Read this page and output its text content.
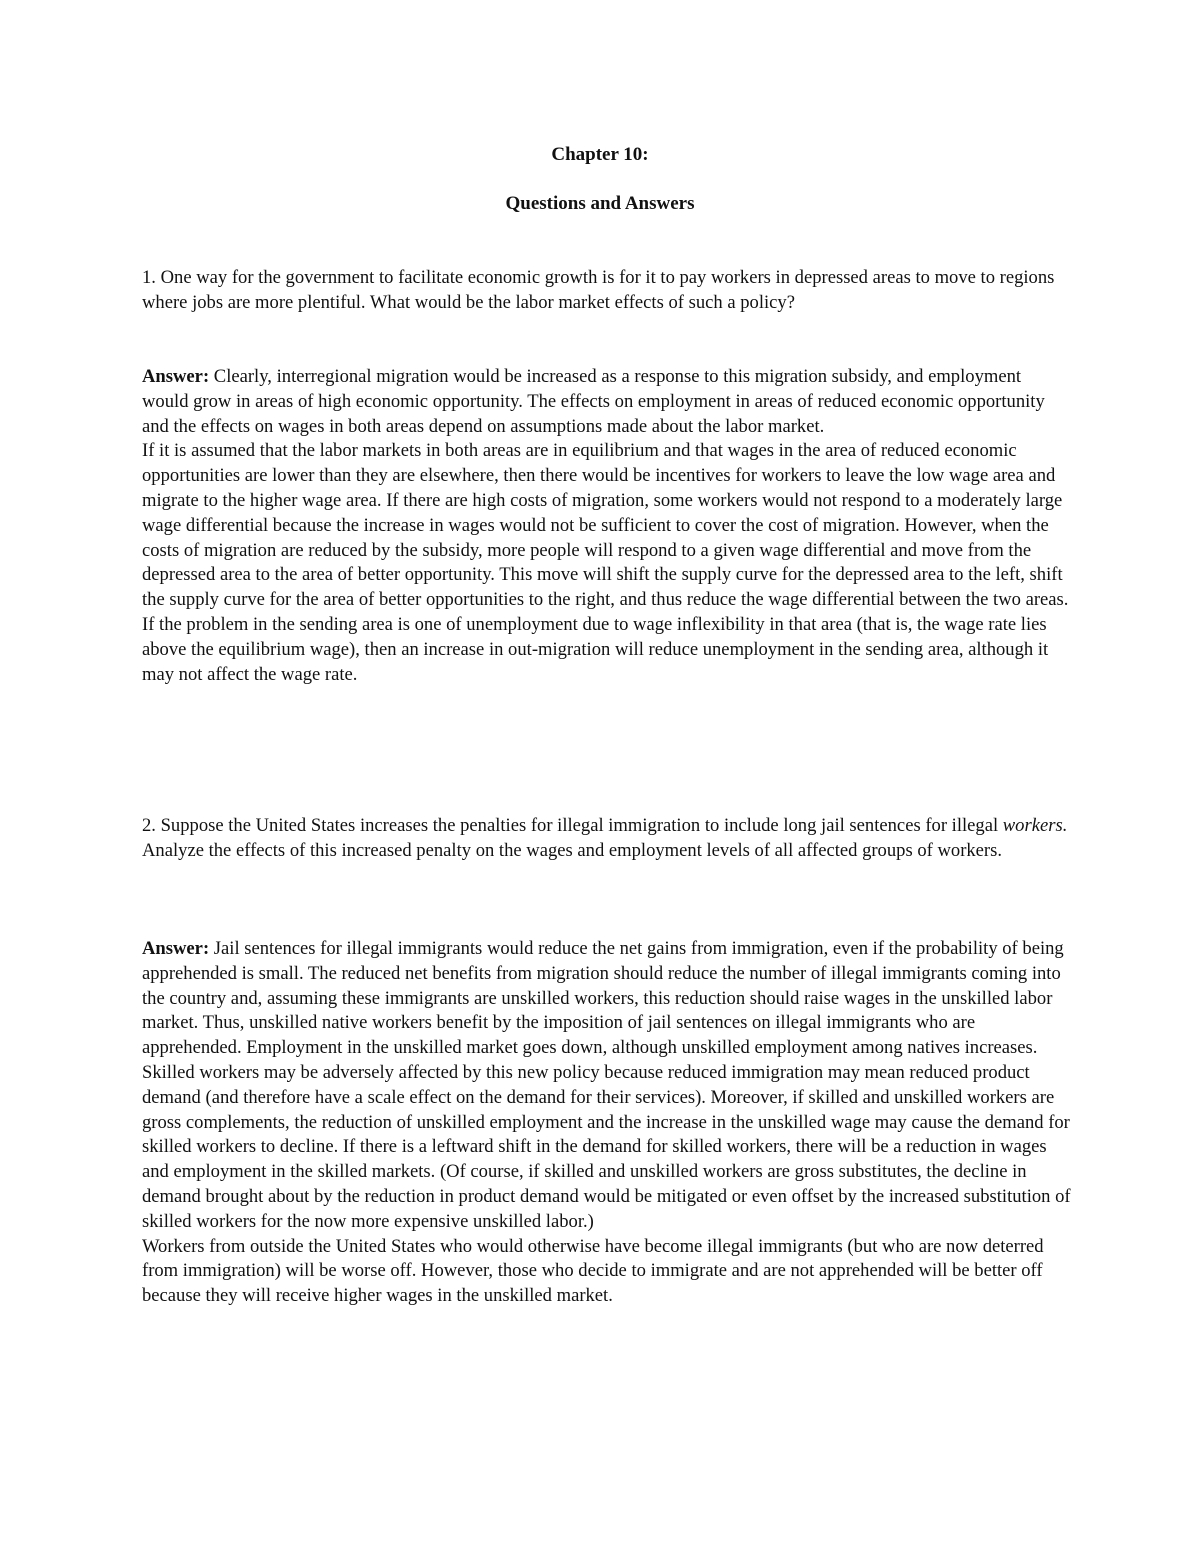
Chapter 10:
Questions and Answers

1. One way for the government to facilitate economic growth is for it to pay workers in depressed areas to move to regions where jobs are more plentiful. What would be the labor market effects of such a policy?

Answer: Clearly, interregional migration would be increased as a response to this migration subsidy, and employment would grow in areas of high economic opportunity. The effects on employment in areas of reduced economic opportunity and the effects on wages in both areas depend on assumptions made about the labor market.

If it is assumed that the labor markets in both areas are in equilibrium and that wages in the area of reduced economic opportunities are lower than they are elsewhere, then there would be incentives for workers to leave the low wage area and migrate to the higher wage area. If there are high costs of migration, some workers would not respond to a moderately large wage differential because the increase in wages would not be sufficient to cover the cost of migration. However, when the costs of migration are reduced by the subsidy, more people will respond to a given wage differential and move from the depressed area to the area of better opportunity. This move will shift the supply curve for the depressed area to the left, shift the supply curve for the area of better opportunities to the right, and thus reduce the wage differential between the two areas.

If the problem in the sending area is one of unemployment due to wage inflexibility in that area (that is, the wage rate lies above the equilibrium wage), then an increase in out-migration will reduce unemployment in the sending area, although it may not affect the wage rate.

2. Suppose the United States increases the penalties for illegal immigration to include long jail sentences for illegal workers. Analyze the effects of this increased penalty on the wages and employment levels of all affected groups of workers.

Answer: Jail sentences for illegal immigrants would reduce the net gains from immigration, even if the probability of being apprehended is small. The reduced net benefits from migration should reduce the number of illegal immigrants coming into the country and, assuming these immigrants are unskilled workers, this reduction should raise wages in the unskilled labor market. Thus, unskilled native workers benefit by the imposition of jail sentences on illegal immigrants who are apprehended. Employment in the unskilled market goes down, although unskilled employment among natives increases.

Skilled workers may be adversely affected by this new policy because reduced immigration may mean reduced product demand (and therefore have a scale effect on the demand for their services). Moreover, if skilled and unskilled workers are gross complements, the reduction of unskilled employment and the increase in the unskilled wage may cause the demand for skilled workers to decline. If there is a leftward shift in the demand for skilled workers, there will be a reduction in wages and employment in the skilled markets. (Of course, if skilled and unskilled workers are gross substitutes, the decline in demand brought about by the reduction in product demand would be mitigated or even offset by the increased substitution of skilled workers for the now more expensive unskilled labor.)

Workers from outside the United States who would otherwise have become illegal immigrants (but who are now deterred from immigration) will be worse off. However, those who decide to immigrate and are not apprehended will be better off because they will receive higher wages in the unskilled market.
